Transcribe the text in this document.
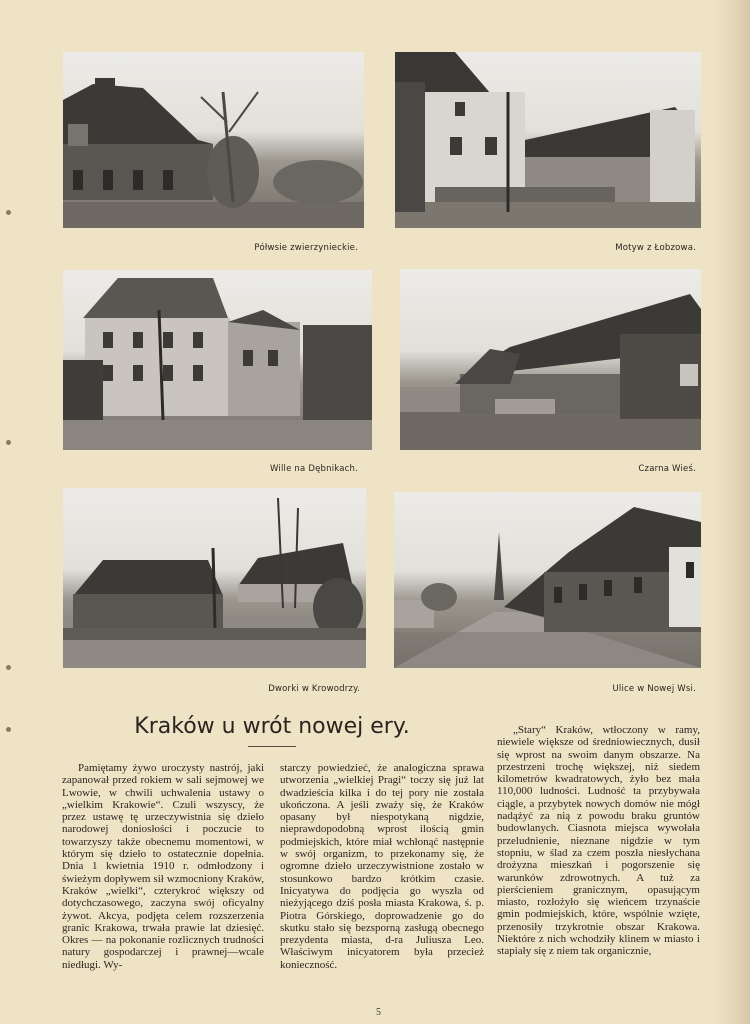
Półwsie zwierzynieckie.	Motyw z Łobzowa.
Wille na Dębnikach.	Czarna Wieś.
Dworki w Krowodrzy.	Ulice w Nowej Wsi.
Kraków u wrót nowej ery.

Pamiętamy żywo uroczysty nastrój, jaki zapanował przed rokiem w sali sejmowej we Lwowie, w chwili uchwalenia ustawy o „wielkim Krakowie“. Czuli wszyscy, że przez ustawę tę urzeczywistnia się dzieło narodowej doniosłości i poczucie to towarzyszy także obecnemu momentowi, w którym się dzieło to ostatecznie dopełnia. Dnia 1 kwietnia 1910 r. odmłodzony i świeżym dopływem sił wzmocniony Kraków, Kraków „wielki“, czterykroć większy od dotychczasowego, zaczyna swój oficyalny żywot. Akcya, podjęta celem rozszerzenia granic Krakowa, trwała prawie lat dziesięć. Okres — na pokonanie rozlicznych trudności natury gospodarczej i prawnej—wcale niedługi. Wy-

starczy powiedzieć, że analogiczna sprawa utworzenia „wielkiej Pragi“ toczy się już lat dwadzieścia kilka i do tej pory nie została ukończona. A jeśli zważy się, że Kraków opasany był niespotykaną nigdzie, nieprawdopodobną wprost ilością gmin podmiejskich, które miał wchłonąć następnie w swój organizm, to przekonamy się, że ogromne dzieło urzeczywistnione zostało w stosunkowo bardzo krótkim czasie. Inicyatywa do podjęcia go wyszła od nieżyjącego dziś posła miasta Krakowa, ś. p. Piotra Górskiego, doprowadzenie go do skutku stało się bezsporną zasługą obecnego prezydenta miasta, d-ra Juliusza Leo. Właściwym inicyatorem była przecież konieczność.

„Stary“ Kraków, wtłoczony w ramy, niewiele większe od średniowiecznych, dusił się wprost na swoim danym obszarze. Na przestrzeni trochę większej, niż siedem kilometrów kwadratowych, żyło bez mała 110,000 ludności. Ludność ta przybywała ciągle, a przybytek nowych domów nie mógł nadążyć za nią z powodu braku gruntów budowlanych. Ciasnota miejsca wywołała przeludnienie, nieznane nigdzie w tym stopniu, w ślad za czem poszła niesłychana drożyzna mieszkań i pogorszenie się warunków zdrowotnych. A tuż za pierścieniem granicznym, opasującym miasto, rozłożyło się wieńcem trzynaście gmin podmiejskich, które, wspólnie wzięte, przenosiły trzykrotnie obszar Krakowa. Niektóre z nich wchodziły klinem w miasto i stapiały się z niem tak organicznie,

5
